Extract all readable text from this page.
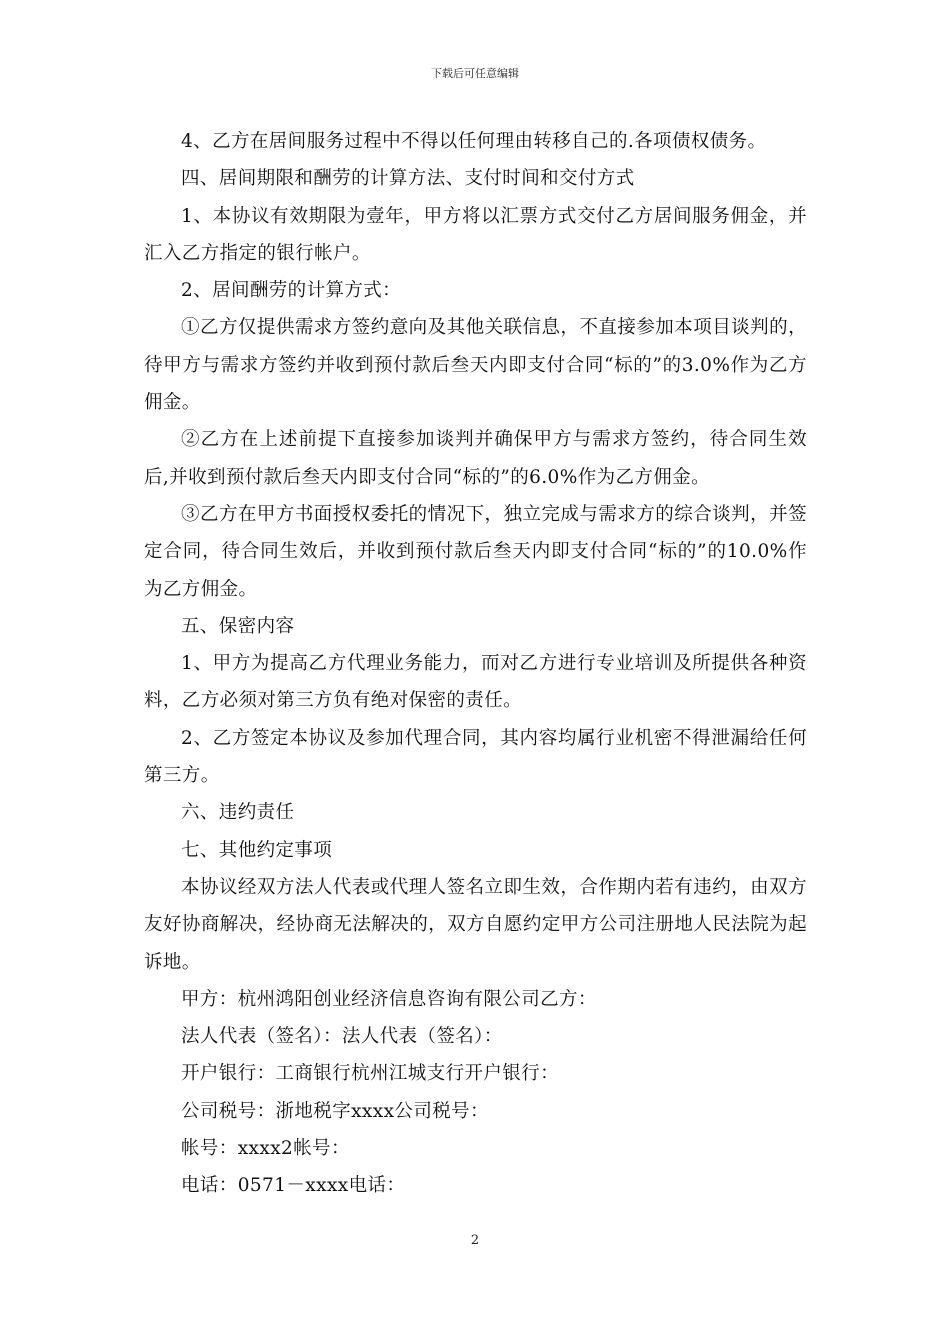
下载后可任意编辑

4、乙方在居间服务过程中不得以任何理由转移自己的.各项债权债务。

四、居间期限和酬劳的计算方法、支付时间和交付方式

1、本协议有效期限为壹年，甲方将以汇票方式交付乙方居间服务佣金，并汇入乙方指定的银行帐户。

2、居间酬劳的计算方式：

①乙方仅提供需求方签约意向及其他关联信息，不直接参加本项目谈判的，待甲方与需求方签约并收到预付款后叁天内即支付合同“标的”的3.0%作为乙方佣金。

②乙方在上述前提下直接参加谈判并确保甲方与需求方签约，待合同生效后,并收到预付款后叁天内即支付合同“标的”的6.0%作为乙方佣金。

③乙方在甲方书面授权委托的情况下，独立完成与需求方的综合谈判，并签定合同，待合同生效后，并收到预付款后叁天内即支付合同“标的”的10.0%作为乙方佣金。

五、保密内容

1、甲方为提高乙方代理业务能力，而对乙方进行专业培训及所提供各种资料，乙方必须对第三方负有绝对保密的责任。

2、乙方签定本协议及参加代理合同，其内容均属行业机密不得泄漏给任何第三方。

六、违约责任

七、其他约定事项

本协议经双方法人代表或代理人签名立即生效，合作期内若有违约，由双方友好协商解决，经协商无法解决的，双方自愿约定甲方公司注册地人民法院为起诉地。

甲方：杭州鸿阳创业经济信息咨询有限公司乙方：

法人代表（签名）：法人代表（签名）：

开户银行：工商银行杭州江城支行开户银行：

公司税号：浙地税字xxxx公司税号：

帐号：xxxx2帐号：

电话：0571－xxxx电话：

2
